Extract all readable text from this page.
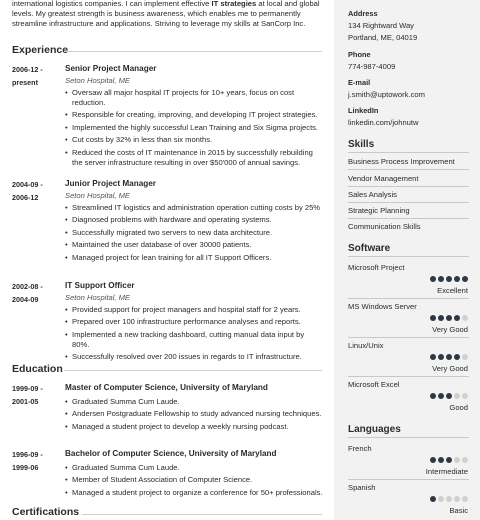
international logistics companies. I can implement effective IT strategies at local and global levels. My greatest strength is business awareness, which enables me to permanently streamline infrastructure and applications. Striving to leverage my skills at SanCorp Inc.

Experience
2006-12 -
present

Senior Project Manager

Seton Hospital, ME

• Oversaw all major hospital IT projects for 10+ years, focus on cost reduction.
• Responsible for creating, improving, and developing IT project strategies.
• Implemented the highly successful Lean Training and Six Sigma projects.
• Cut costs by 32% in less than six months.
• Reduced the costs of IT maintenance in 2015 by successfully rebuilding the server infrastructure resulting in over $50'000 of annual savings.
2004-09 -
2006-12

Junior Project Manager

Seton Hospital, ME

• Streamlined IT logistics and administration operation cutting costs by 25%
• Diagnosed problems with hardware and operating systems.
• Successfully migrated two servers to new data architecture.
• Maintained the user database of over 30000 patients.
• Managed project for lean training for all IT Support Officers.
2002-08 -
2004-09

IT Support Officer

Seton Hospital, ME

• Provided support for project managers and hospital staff for 2 years.
• Prepared over 100 infrastructure performance analyses and reports.
• Implemented a new tracking dashboard, cutting manual data input by 80%.
• Successfully resolved over 200 issues in regards to IT infrastructure.
Education
1999-09 -
2001-05

Master of Computer Science, University of Maryland

• Graduated Summa Cum Laude.
• Andersen Postgraduate Fellowship to study advanced nursing techniques.
• Managed a student project to develop a weekly nursing podcast.
1996-09 -
1999-06

Bachelor of Computer Science, University of Maryland

• Graduated Summa Cum Laude.
• Member of Student Association of Computer Science.
• Managed a student project to organize a conference for 50+ professionals.
Certifications
Address
134 Rightward Way
Portland, ME, 04019
Phone
774-987-4009
E-mail
j.smith@uptowork.com
LinkedIn
linkedin.com/johnutw
Skills
Business Process Improvement
Vendor Management
Sales Analysis
Strategic Planning
Communication Skills
Software
Microsoft Project
Excellent
MS Windows Server
Very Good
Linux/Unix
Very Good
Microsoft Excel
Good
Languages
French
Intermediate
Spanish
Basic
